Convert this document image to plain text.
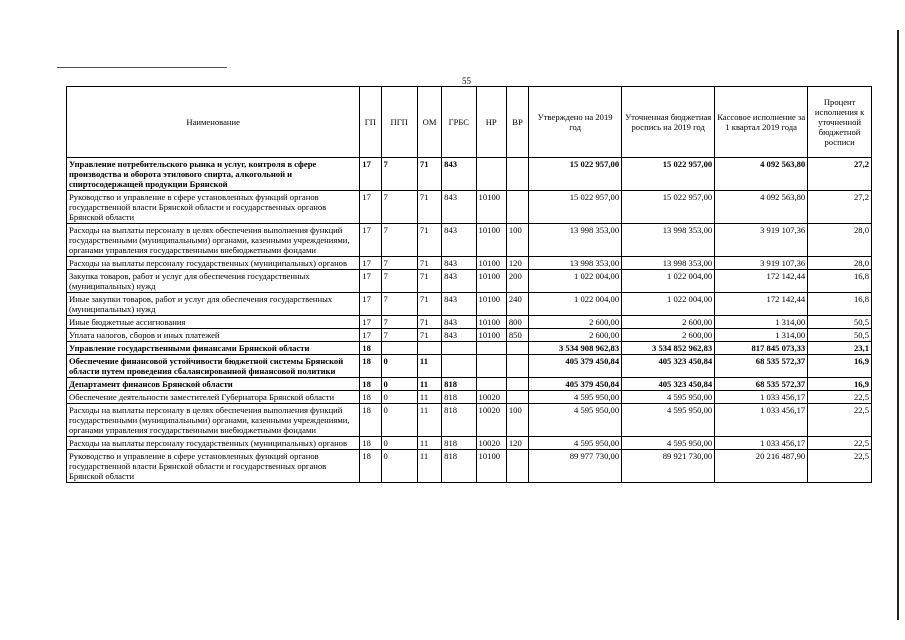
55
Наименование	ГП	ПГП	ОМ	ГРБС	НР	ВР	Утверждено на 2019 год	Уточненная бюджетная роспись на 2019 год	Кассовое исполнение за 1 квартал 2019 года	Процент исполнения к уточненной бюджетной росписи
Управление потребительского рынка и услуг, контроля в сфере производства и оборота этилового спирта, алкогольной и спиртосодержащей продукции Брянской	17	7	71	843			15 022 957,00	15 022 957,00	4 092 563,80	27,2
Руководство и управление в сфере установленных функций органов государственной власти Брянской области и государственных органов Брянской области	17	7	71	843	10100		15 022 957,00	15 022 957,00	4 092 563,80	27,2
Расходы на выплаты персоналу в целях обеспечения выполнения функций государственными (муниципальными) органами, казенными учреждениями, органами управления государственными внебюджетными фондами	17	7	71	843	10100	100	13 998 353,00	13 998 353,00	3 919 107,36	28,0
Расходы на выплаты персоналу государственных (муниципальных) органов	17	7	71	843	10100	120	13 998 353,00	13 998 353,00	3 919 107,36	28,0
Закупка товаров, работ и услуг для обеспечения государственных (муниципальных) нужд	17	7	71	843	10100	200	1 022 004,00	1 022 004,00	172 142,44	16,8
Иные закупки товаров, работ и услуг для обеспечения государственных (муниципальных) нужд	17	7	71	843	10100	240	1 022 004,00	1 022 004,00	172 142,44	16,8
Иные бюджетные ассигнования	17	7	71	843	10100	800	2 600,00	2 600,00	1 314,00	50,5
Уплата налогов, сборов и иных платежей	17	7	71	843	10100	850	2 600,00	2 600,00	1 314,00	50,5
Управление государственными финансами Брянской области	18						3 534 908 962,83	3 534 852 962,83	817 845 073,33	23,1
Обеспечение финансовой устойчивости бюджетной системы Брянской области путем проведения сбалансированной финансовой политики	18	0	11				405 379 450,84	405 323 450,84	68 535 572,37	16,9
Департамент финансов Брянской области	18	0	11	818			405 379 450,84	405 323 450,84	68 535 572,37	16,9
Обеспечение деятельности заместителей Губернатора Брянской области	18	0	11	818	10020		4 595 950,00	4 595 950,00	1 033 456,17	22,5
Расходы на выплаты персоналу в целях обеспечения выполнения функций государственными (муниципальными) органами, казенными учреждениями, органами управления государственными внебюджетными фондами	18	0	11	818	10020	100	4 595 950,00	4 595 950,00	1 033 456,17	22,5
Расходы на выплаты персоналу государственных (муниципальных) органов	18	0	11	818	10020	120	4 595 950,00	4 595 950,00	1 033 456,17	22,5
Руководство и управление в сфере установленных функций органов государственной власти Брянской области и государственных органов Брянской области	18	0	11	818	10100		89 977 730,00	89 921 730,00	20 216 487,90	22,5
